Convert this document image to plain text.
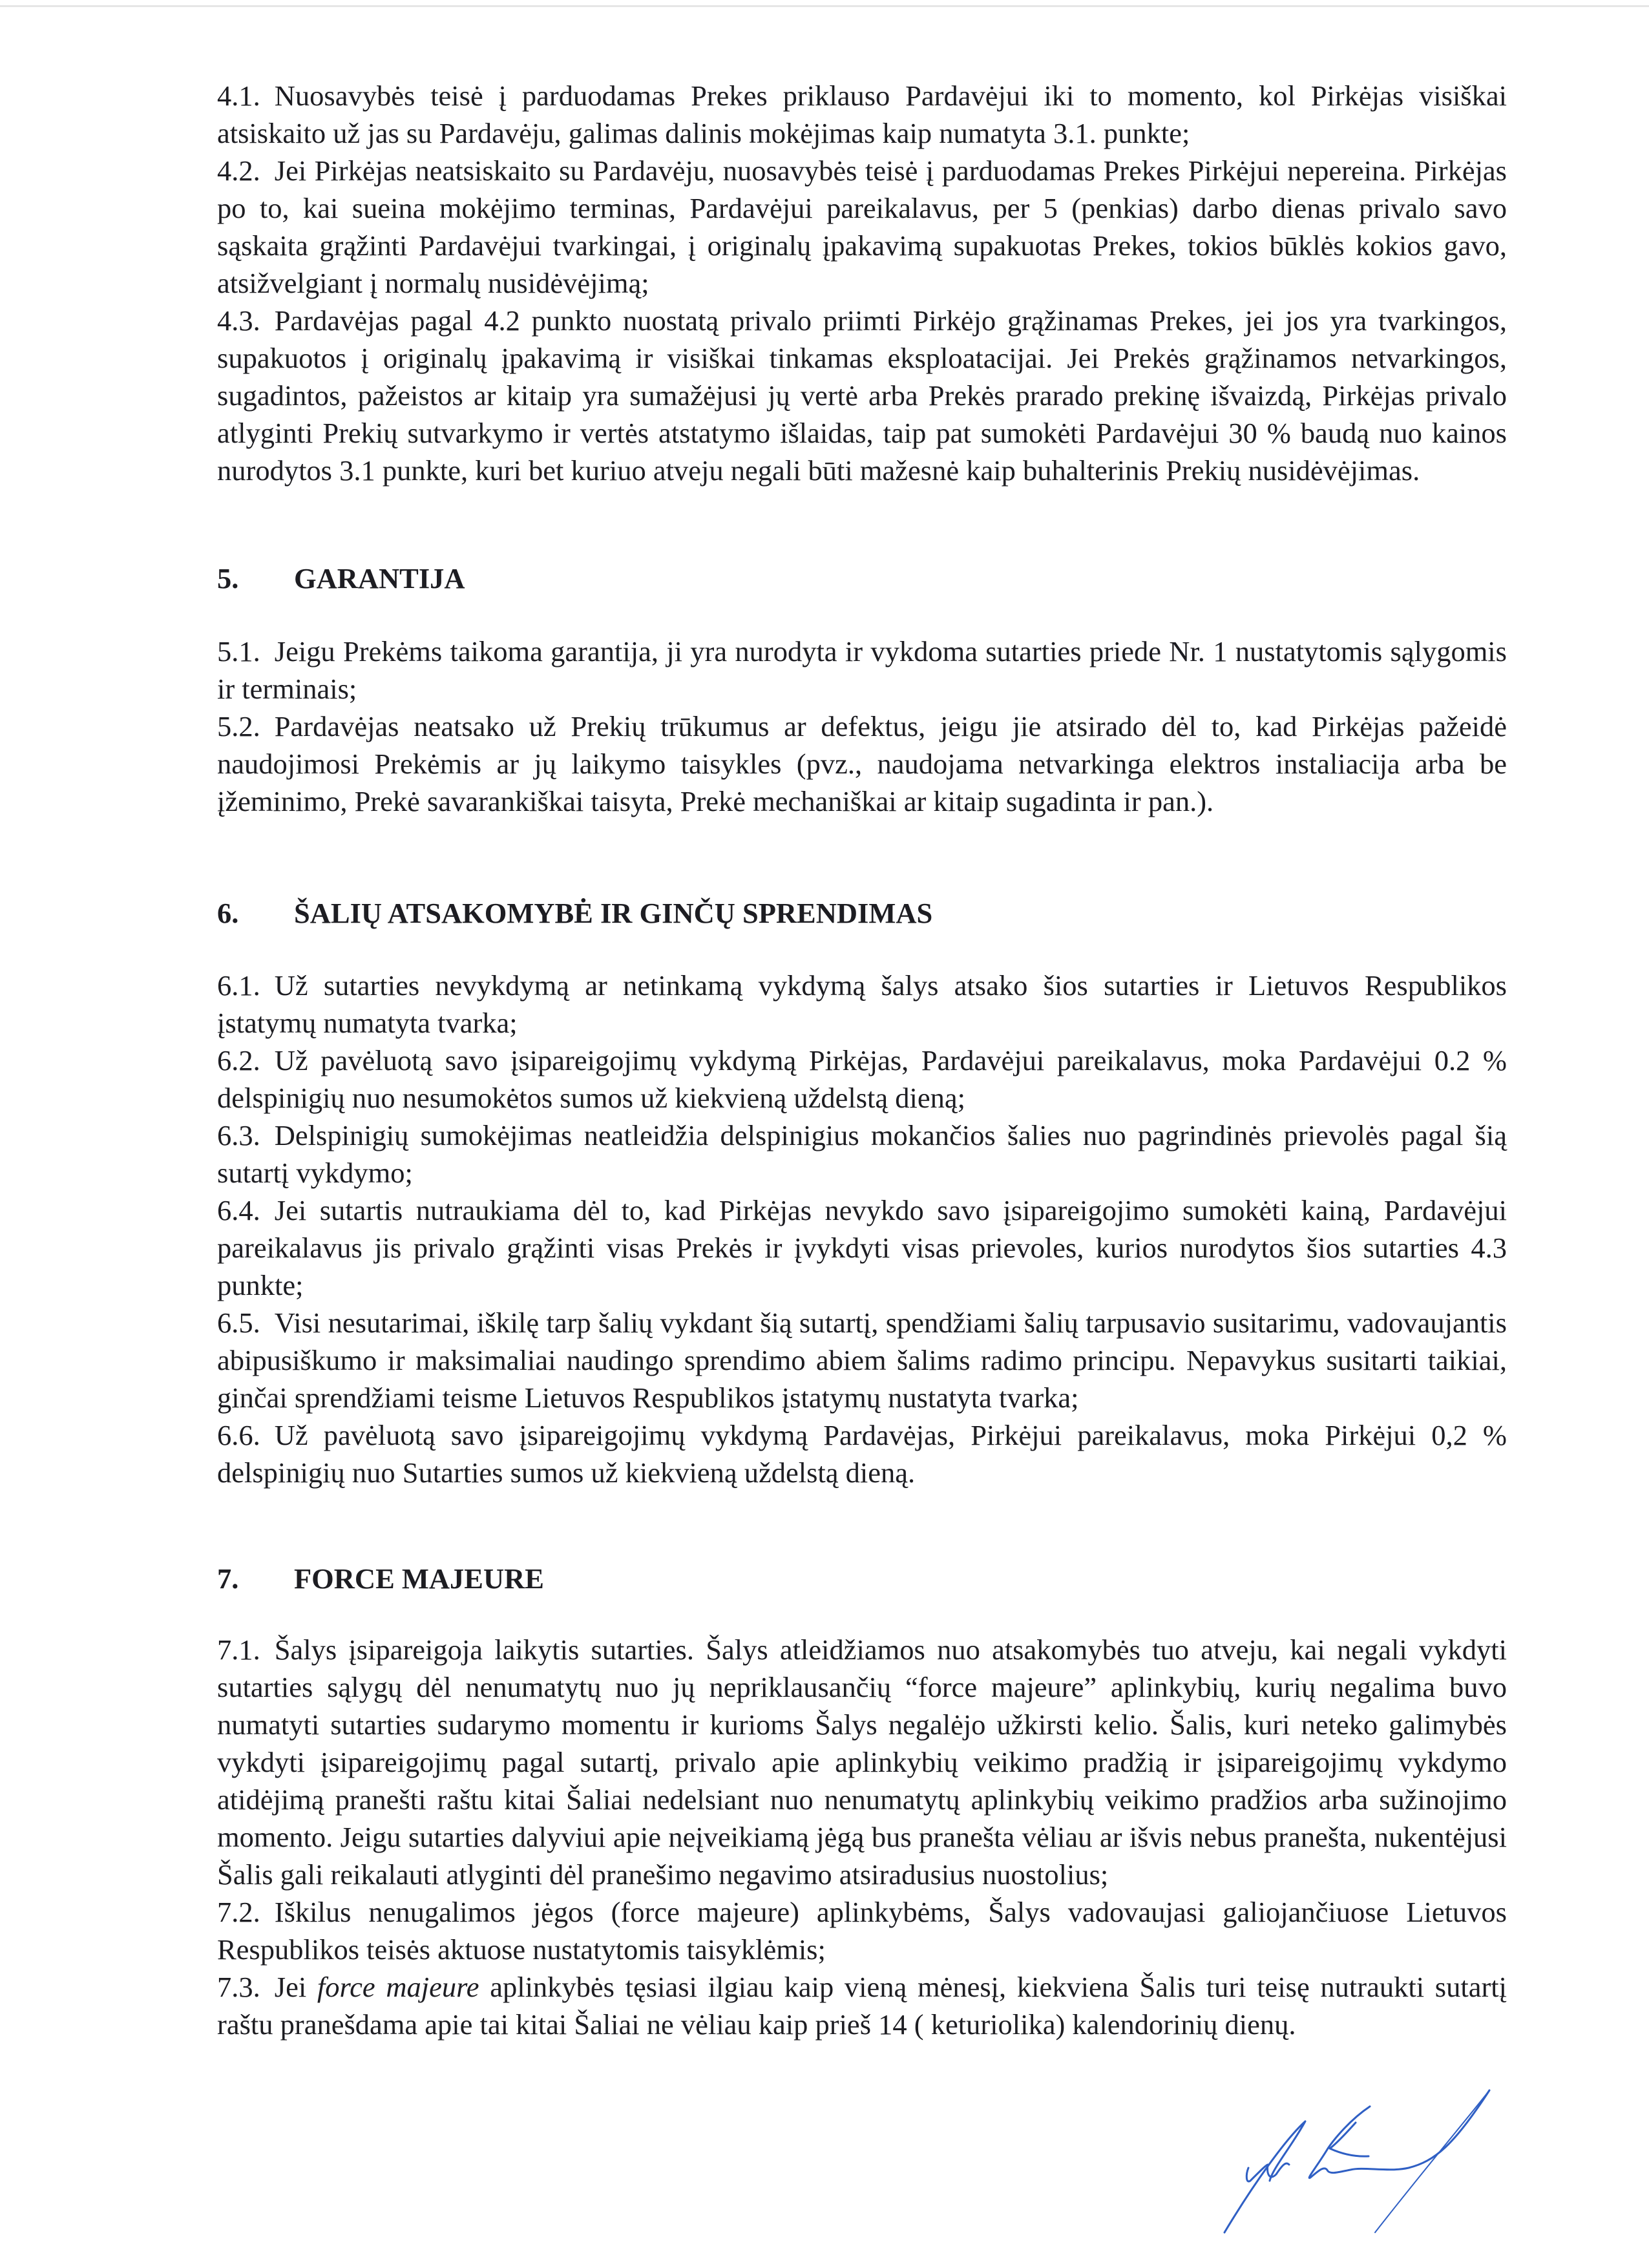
4.1. Nuosavybės teisė į parduodamas Prekes priklauso Pardavėjui iki to momento, kol Pirkėjas visiškai atsiskaito už jas su Pardavėju, galimas dalinis mokėjimas kaip numatyta 3.1. punkte;

4.2. Jei Pirkėjas neatsiskaito su Pardavėju, nuosavybės teisė į parduodamas Prekes Pirkėjui nepereina. Pirkėjas po to, kai sueina mokėjimo terminas, Pardavėjui pareikalavus, per 5 (penkias) darbo dienas privalo savo sąskaita grąžinti Pardavėjui tvarkingai, į originalų įpakavimą supakuotas Prekes, tokios būklės kokios gavo, atsižvelgiant į normalų nusidėvėjimą;

4.3. Pardavėjas pagal 4.2 punkto nuostatą privalo priimti Pirkėjo grąžinamas Prekes, jei jos yra tvarkingos, supakuotos į originalų įpakavimą ir visiškai tinkamas eksploatacijai. Jei Prekės grąžinamos netvarkingos, sugadintos, pažeistos ar kitaip yra sumažėjusi jų vertė arba Prekės prarado prekinę išvaizdą, Pirkėjas privalo atlyginti Prekių sutvarkymo ir vertės atstatymo išlaidas, taip pat sumokėti Pardavėjui 30 % baudą nuo kainos nurodytos 3.1 punkte, kuri bet kuriuo atveju negali būti mažesnė kaip buhalterinis Prekių nusidėvėjimas.

5. GARANTIJA

5.1. Jeigu Prekėms taikoma garantija, ji yra nurodyta ir vykdoma sutarties priede Nr. 1 nustatytomis sąlygomis ir terminais;

5.2. Pardavėjas neatsako už Prekių trūkumus ar defektus, jeigu jie atsirado dėl to, kad Pirkėjas pažeidė naudojimosi Prekėmis ar jų laikymo taisykles (pvz., naudojama netvarkinga elektros instaliacija arba be įžeminimo, Prekė savarankiškai taisyta, Prekė mechaniškai ar kitaip sugadinta ir pan.).

6. ŠALIŲ ATSAKOMYBĖ IR GINČŲ SPRENDIMAS

6.1. Už sutarties nevykdymą ar netinkamą vykdymą šalys atsako šios sutarties ir Lietuvos Respublikos įstatymų numatyta tvarka;

6.2. Už pavėluotą savo įsipareigojimų vykdymą Pirkėjas, Pardavėjui pareikalavus, moka Pardavėjui 0.2 % delspinigių nuo nesumokėtos sumos už kiekvieną uždelstą dieną;

6.3. Delspinigių sumokėjimas neatleidžia delspinigius mokančios šalies nuo pagrindinės prievolės pagal šią sutartį vykdymo;

6.4. Jei sutartis nutraukiama dėl to, kad Pirkėjas nevykdo savo įsipareigojimo sumokėti kainą, Pardavėjui pareikalavus jis privalo grąžinti visas Prekės ir įvykdyti visas prievoles, kurios nurodytos šios sutarties 4.3 punkte;

6.5. Visi nesutarimai, iškilę tarp šalių vykdant šią sutartį, spendžiami šalių tarpusavio susitarimu, vadovaujantis abipusiškumo ir maksimaliai naudingo sprendimo abiem šalims radimo principu. Nepavykus susitarti taikiai, ginčai sprendžiami teisme Lietuvos Respublikos įstatymų nustatyta tvarka;

6.6. Už pavėluotą savo įsipareigojimų vykdymą Pardavėjas, Pirkėjui pareikalavus, moka Pirkėjui 0,2 % delspinigių nuo Sutarties sumos už kiekvieną uždelstą dieną.

7. FORCE MAJEURE

7.1. Šalys įsipareigoja laikytis sutarties. Šalys atleidžiamos nuo atsakomybės tuo atveju, kai negali vykdyti sutarties sąlygų dėl nenumatytų nuo jų nepriklausančių “force majeure” aplinkybių, kurių negalima buvo numatyti sutarties sudarymo momentu ir kurioms Šalys negalėjo užkirsti kelio. Šalis, kuri neteko galimybės vykdyti įsipareigojimų pagal sutartį, privalo apie aplinkybių veikimo pradžią ir įsipareigojimų vykdymo atidėjimą pranešti raštu kitai Šaliai nedelsiant nuo nenumatytų aplinkybių veikimo pradžios arba sužinojimo momento. Jeigu sutarties dalyviui apie neįveikiamą jėgą bus pranešta vėliau ar išvis nebus pranešta, nukentėjusi Šalis gali reikalauti atlyginti dėl pranešimo negavimo atsiradusius nuostolius;

7.2. Iškilus nenugalimos jėgos (force majeure) aplinkybėms, Šalys vadovaujasi galiojančiuose Lietuvos Respublikos teisės aktuose nustatytomis taisyklėmis;

7.3. Jei force majeure aplinkybės tęsiasi ilgiau kaip vieną mėnesį, kiekviena Šalis turi teisę nutraukti sutartį raštu pranešdama apie tai kitai Šaliai ne vėliau kaip prieš 14 ( keturiolika) kalendorinių dienų.
